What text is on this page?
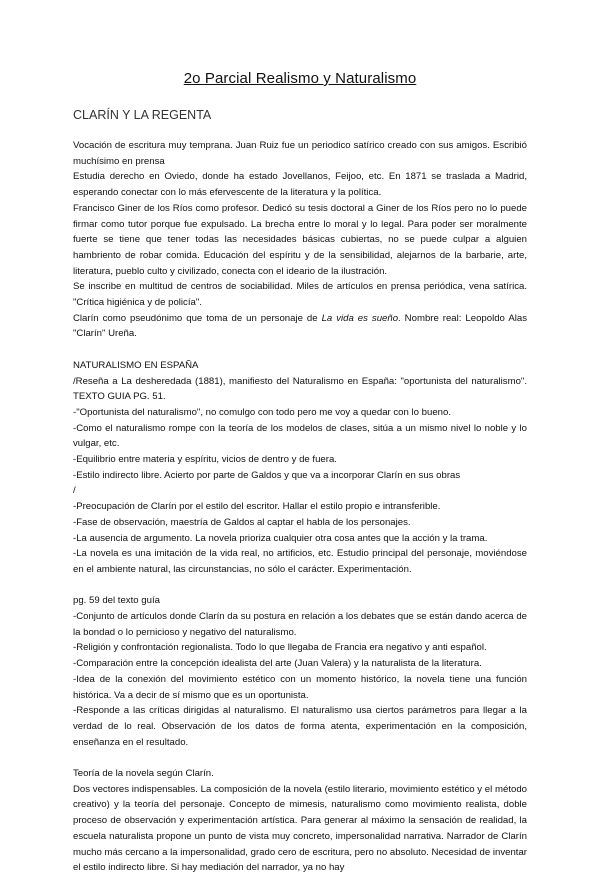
2o Parcial Realismo y Naturalismo
CLARÍN Y LA REGENTA

Vocación de escritura muy temprana. Juan Ruiz fue un periodico satírico creado con sus amigos. Escribió muchísimo en prensa

Estudia derecho en Oviedo, donde ha estado Jovellanos, Feijoo, etc. En 1871 se traslada a Madrid, esperando conectar con lo más efervescente de la literatura y la política.

Francisco Giner de los Ríos como profesor. Dedicó su tesis doctoral a Giner de los Ríos pero no lo puede firmar como tutor porque fue expulsado. La brecha entre lo moral y lo legal. Para poder ser moralmente fuerte se tiene que tener todas las necesidades básicas cubiertas, no se puede culpar a alguien hambriento de robar comida. Educación del espíritu y de la sensibilidad, alejarnos de la barbarie, arte, literatura, pueblo culto y civilizado, conecta con el ideario de la ilustración.

Se inscribe en multitud de centros de sociabilidad. Miles de artículos en prensa periódica, vena satírica. "Crítica higiénica y de policía".

Clarín como pseudónimo que toma de un personaje de La vida es sueño. Nombre real: Leopoldo Alas "Clarín" Ureña.

NATURALISMO EN ESPAÑA

/Reseña a La desheredada (1881), manifiesto del Naturalismo en España: "oportunista del naturalismo". TEXTO GUIA PG. 51.

-"Oportunista del naturalismo", no comulgo con todo pero me voy a quedar con lo bueno.

-Como el naturalismo rompe con la teoría de los modelos de clases, sitúa a un mismo nivel lo noble y lo vulgar, etc.

-Equilibrio entre materia y espíritu, vicios de dentro y de fuera.

-Estilo indirecto libre. Acierto por parte de Galdos y que va a incorporar Clarín en sus obras

/

-Preocupación de Clarín por el estilo del escritor. Hallar el estilo propio e intransferible.

-Fase de observación, maestría de Galdos al captar el habla de los personajes.

-La ausencia de argumento. La novela prioriza cualquier otra cosa antes que la acción y la trama.

-La novela es una imitación de la vida real, no artificios, etc. Estudio principal del personaje, moviéndose en el ambiente natural, las circunstancias, no sólo el carácter. Experimentación.

pg. 59 del texto guía

-Conjunto de artículos donde Clarín da su postura en relación a los debates que se están dando acerca de la bondad o lo pernicioso y negativo del naturalismo.

-Religión y confrontación regionalista. Todo lo que llegaba de Francia era negativo y anti español.

-Comparación entre la concepción idealista del arte (Juan Valera) y la naturalista de la literatura.

-Idea de la conexión del movimiento estético con un momento histórico, la novela tiene una función histórica. Va a decir de sí mismo que es un oportunista.

-Responde a las críticas dirigidas al naturalismo. El naturalismo usa ciertos parámetros para llegar a la verdad de lo real. Observación de los datos de forma atenta, experimentación en la composición, enseñanza en el resultado.

Teoría de la novela según Clarín.

Dos vectores indispensables. La composición de la novela (estilo literario, movimiento estético y el método creativo) y la teoría del personaje. Concepto de mimesis, naturalismo como movimiento realista, doble proceso de observación y experimentación artística. Para generar al máximo la sensación de realidad, la escuela naturalista propone un punto de vista muy concreto, impersonalidad narrativa. Narrador de Clarín mucho más cercano a la impersonalidad, grado cero de escritura, pero no absoluto. Necesidad de inventar el estilo indirecto libre. Si hay mediación del narrador, ya no hay
